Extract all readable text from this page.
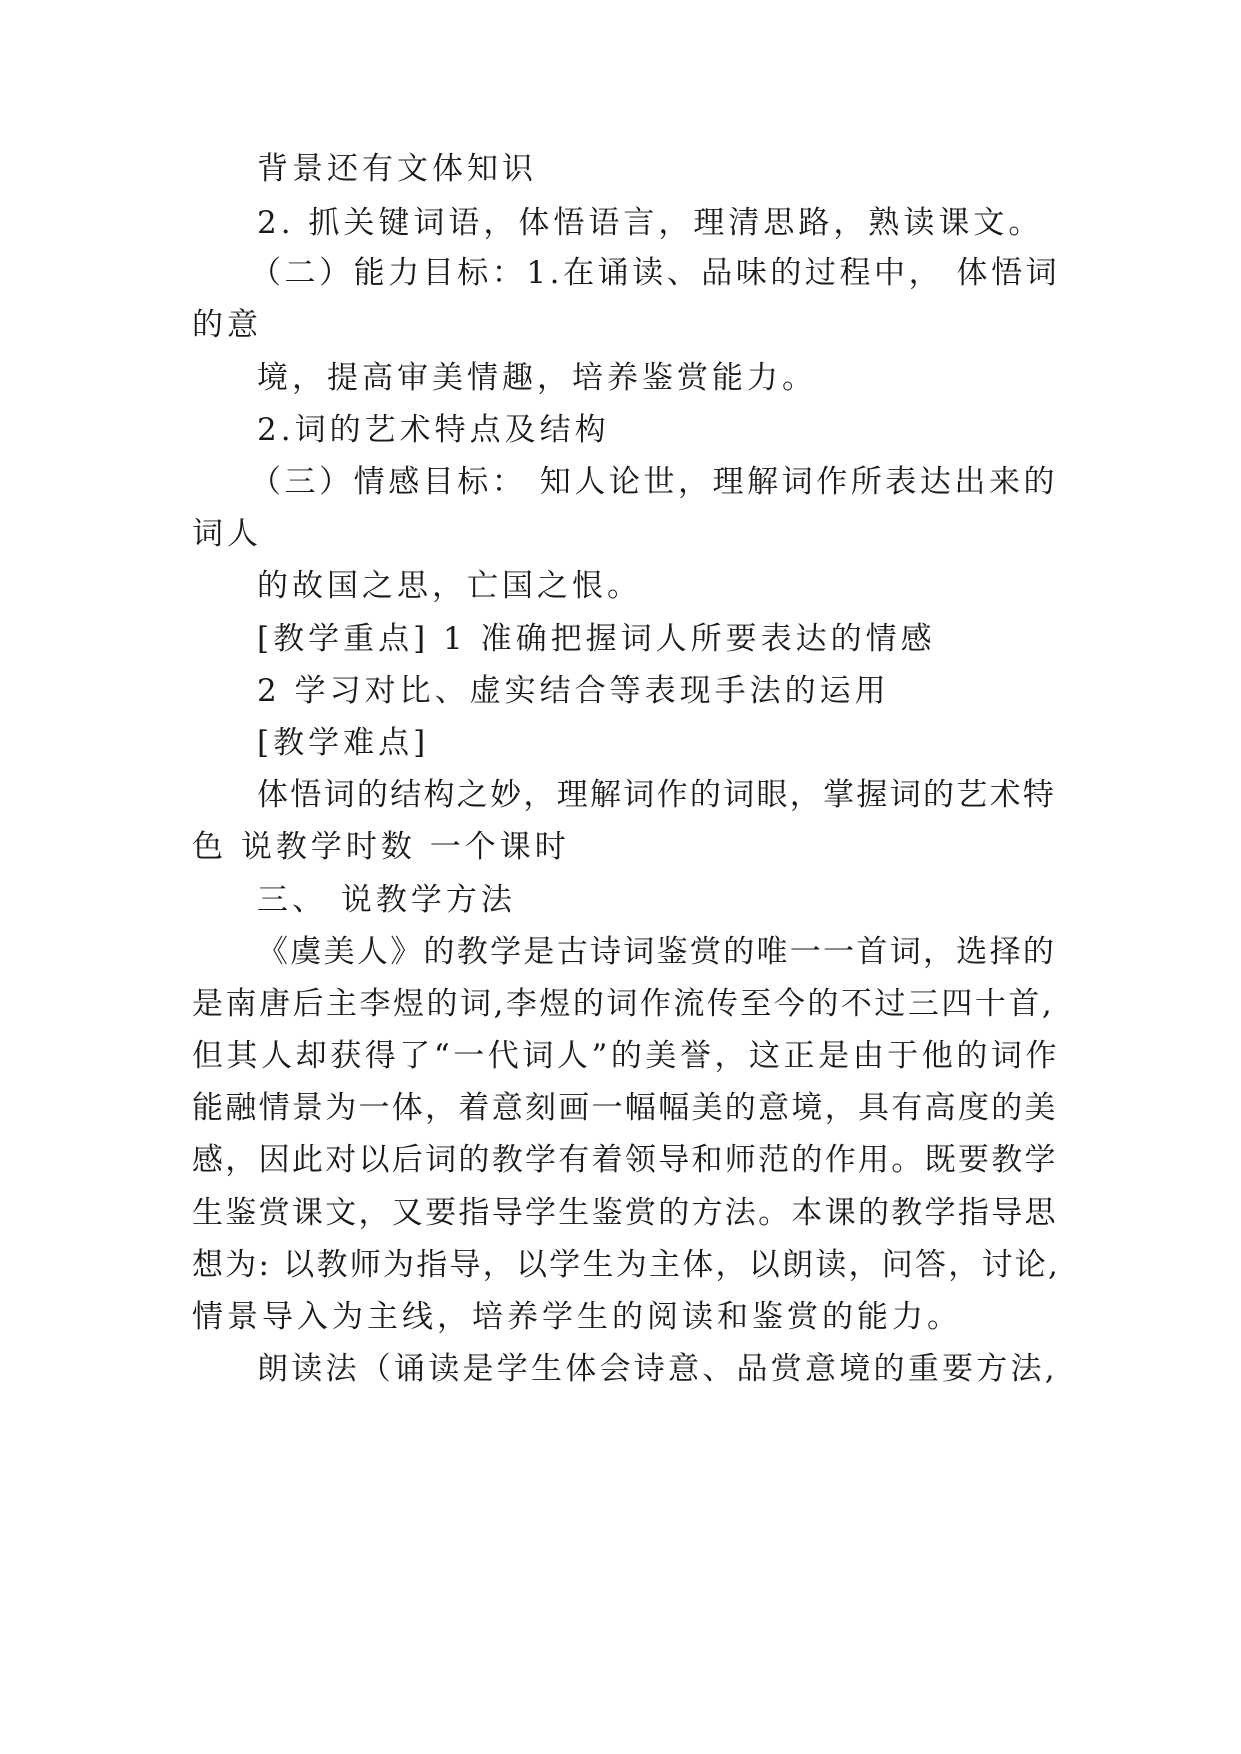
背景还有文体知识
2. 抓关键词语，体悟语言，理清思路，熟读课文。
（二）能力目标：1.在诵读、品味的过程中， 体悟词
的意
境，提高审美情趣，培养鉴赏能力。
2.词的艺术特点及结构
（三）情感目标： 知人论世，理解词作所表达出来的
词人
的故国之思，亡国之恨。
[教学重点] 1 准确把握词人所要表达的情感
2 学习对比、虚实结合等表现手法的运用
[教学难点]
体悟词的结构之妙，理解词作的词眼，掌握词的艺术特
色 说教学时数 一个课时
三、 说教学方法
《虞美人》的教学是古诗词鉴赏的唯一一首词，选择的
是南唐后主李煜的词,李煜的词作流传至今的不过三四十首,
但其人却获得了“一代词人”的美誉，这正是由于他的词作
能融情景为一体，着意刻画一幅幅美的意境，具有高度的美
感，因此对以后词的教学有着领导和师范的作用。既要教学
生鉴赏课文，又要指导学生鉴赏的方法。本课的教学指导思
想为: 以教师为指导，以学生为主体，以朗读，问答，讨论,
情景导入为主线，培养学生的阅读和鉴赏的能力。
朗读法（诵读是学生体会诗意、品赏意境的重要方法,
